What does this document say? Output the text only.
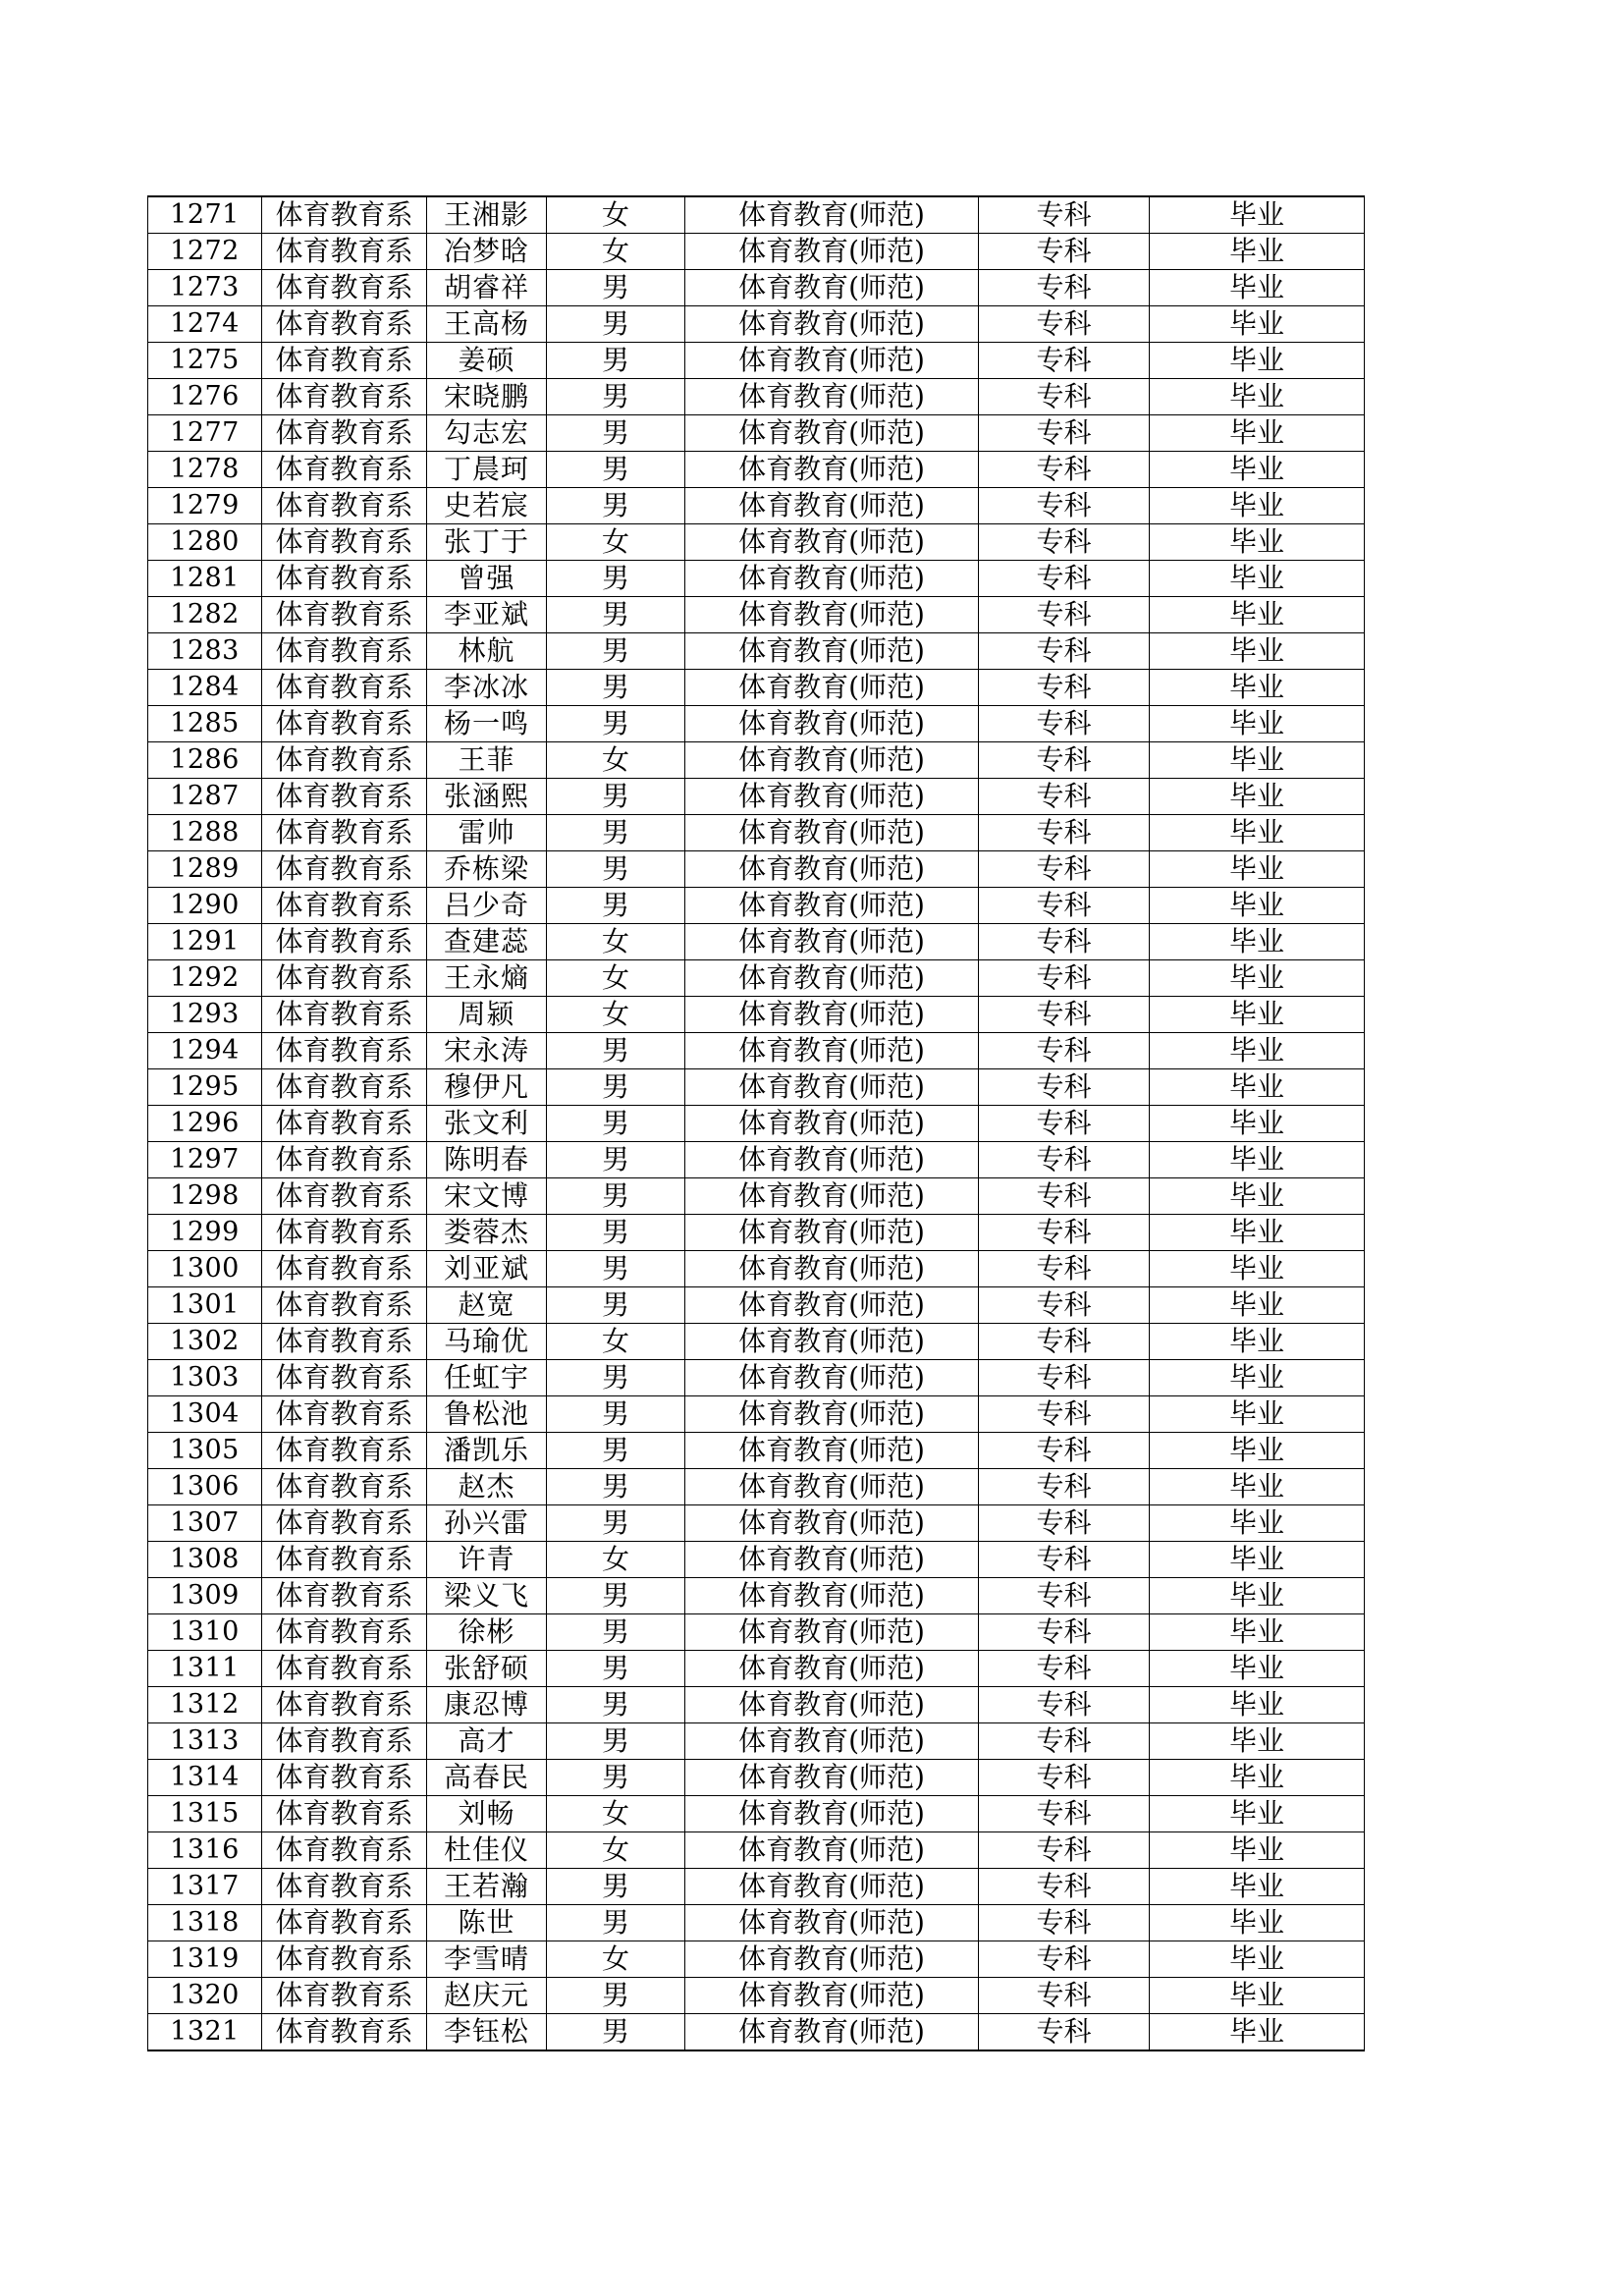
1271	体育教育系	王湘影	女	体育教育(师范)	专科	毕业
1272	体育教育系	冶梦晗	女	体育教育(师范)	专科	毕业
1273	体育教育系	胡睿祥	男	体育教育(师范)	专科	毕业
1274	体育教育系	王高杨	男	体育教育(师范)	专科	毕业
1275	体育教育系	姜硕	男	体育教育(师范)	专科	毕业
1276	体育教育系	宋晓鹏	男	体育教育(师范)	专科	毕业
1277	体育教育系	勾志宏	男	体育教育(师范)	专科	毕业
1278	体育教育系	丁晨珂	男	体育教育(师范)	专科	毕业
1279	体育教育系	史若宸	男	体育教育(师范)	专科	毕业
1280	体育教育系	张丁于	女	体育教育(师范)	专科	毕业
1281	体育教育系	曾强	男	体育教育(师范)	专科	毕业
1282	体育教育系	李亚斌	男	体育教育(师范)	专科	毕业
1283	体育教育系	林航	男	体育教育(师范)	专科	毕业
1284	体育教育系	李冰冰	男	体育教育(师范)	专科	毕业
1285	体育教育系	杨一鸣	男	体育教育(师范)	专科	毕业
1286	体育教育系	王菲	女	体育教育(师范)	专科	毕业
1287	体育教育系	张涵熙	男	体育教育(师范)	专科	毕业
1288	体育教育系	雷帅	男	体育教育(师范)	专科	毕业
1289	体育教育系	乔栋梁	男	体育教育(师范)	专科	毕业
1290	体育教育系	吕少奇	男	体育教育(师范)	专科	毕业
1291	体育教育系	查建蕊	女	体育教育(师范)	专科	毕业
1292	体育教育系	王永熵	女	体育教育(师范)	专科	毕业
1293	体育教育系	周颍	女	体育教育(师范)	专科	毕业
1294	体育教育系	宋永涛	男	体育教育(师范)	专科	毕业
1295	体育教育系	穆伊凡	男	体育教育(师范)	专科	毕业
1296	体育教育系	张文利	男	体育教育(师范)	专科	毕业
1297	体育教育系	陈明春	男	体育教育(师范)	专科	毕业
1298	体育教育系	宋文博	男	体育教育(师范)	专科	毕业
1299	体育教育系	娄蓉杰	男	体育教育(师范)	专科	毕业
1300	体育教育系	刘亚斌	男	体育教育(师范)	专科	毕业
1301	体育教育系	赵宽	男	体育教育(师范)	专科	毕业
1302	体育教育系	马瑜优	女	体育教育(师范)	专科	毕业
1303	体育教育系	任虹宇	男	体育教育(师范)	专科	毕业
1304	体育教育系	鲁松池	男	体育教育(师范)	专科	毕业
1305	体育教育系	潘凯乐	男	体育教育(师范)	专科	毕业
1306	体育教育系	赵杰	男	体育教育(师范)	专科	毕业
1307	体育教育系	孙兴雷	男	体育教育(师范)	专科	毕业
1308	体育教育系	许青	女	体育教育(师范)	专科	毕业
1309	体育教育系	梁义飞	男	体育教育(师范)	专科	毕业
1310	体育教育系	徐彬	男	体育教育(师范)	专科	毕业
1311	体育教育系	张舒硕	男	体育教育(师范)	专科	毕业
1312	体育教育系	康忍博	男	体育教育(师范)	专科	毕业
1313	体育教育系	高才	男	体育教育(师范)	专科	毕业
1314	体育教育系	高春民	男	体育教育(师范)	专科	毕业
1315	体育教育系	刘畅	女	体育教育(师范)	专科	毕业
1316	体育教育系	杜佳仪	女	体育教育(师范)	专科	毕业
1317	体育教育系	王若瀚	男	体育教育(师范)	专科	毕业
1318	体育教育系	陈世	男	体育教育(师范)	专科	毕业
1319	体育教育系	李雪晴	女	体育教育(师范)	专科	毕业
1320	体育教育系	赵庆元	男	体育教育(师范)	专科	毕业
1321	体育教育系	李钰松	男	体育教育(师范)	专科	毕业
